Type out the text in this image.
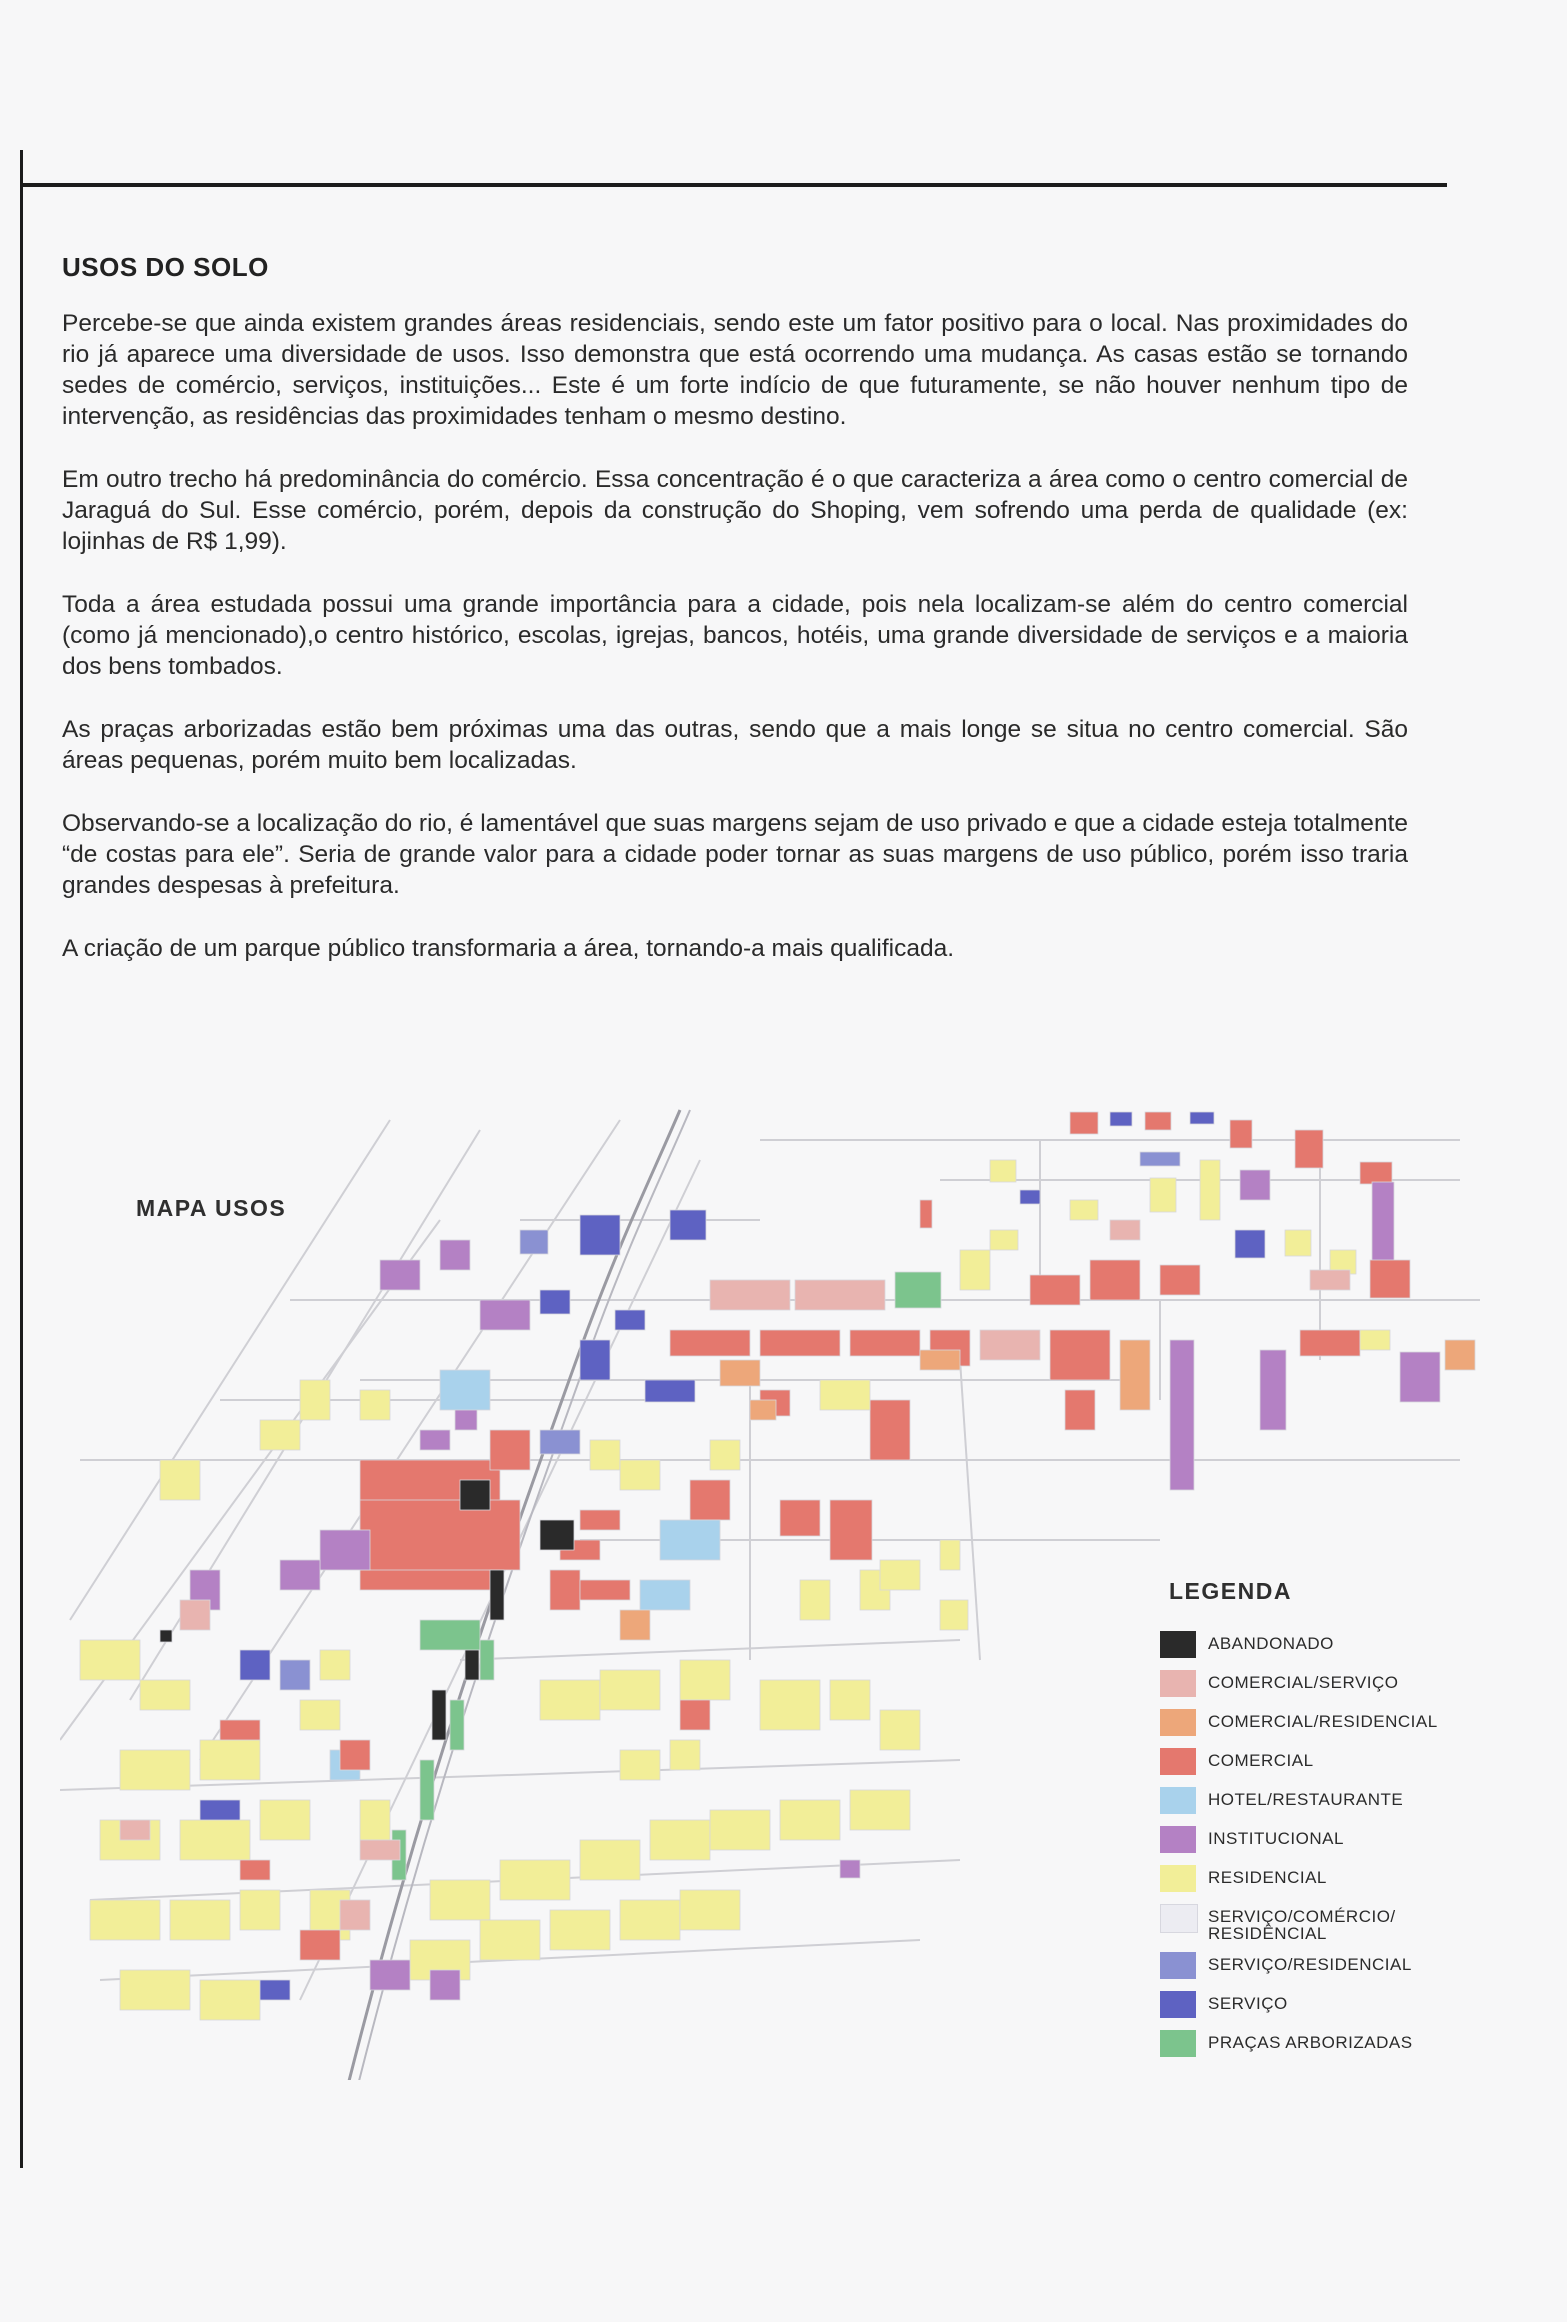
USOS DO SOLO

Percebe-se que ainda existem grandes áreas residenciais, sendo este um fator positivo para o local. Nas proximidades do rio já aparece uma diversidade de usos. Isso demonstra que está ocorrendo uma mudança. As casas estão se tornando sedes de comércio, serviços, instituições... Este é um forte indício de que futuramente, se não houver nenhum tipo de intervenção, as residências das proximidades tenham o mesmo destino.

Em outro trecho há predominância do comércio. Essa concentração é o que caracteriza a área como o centro comercial de Jaraguá do Sul. Esse comércio, porém, depois da construção do Shoping, vem sofrendo uma perda de qualidade (ex: lojinhas de R$ 1,99).

Toda a área estudada possui uma grande importância para a cidade, pois nela localizam-se além do centro comercial (como já mencionado),o centro histórico, escolas, igrejas, bancos, hotéis, uma grande diversidade de serviços e a maioria dos bens tombados.

As praças arborizadas estão bem próximas uma das outras, sendo que a mais longe se situa no centro comercial. São áreas pequenas, porém muito bem localizadas.

Observando-se a localização do rio, é lamentável que suas margens sejam de uso privado e que a cidade esteja totalmente “de costas para ele”. Seria de grande valor para a cidade poder tornar as suas margens de uso público, porém isso traria grandes despesas à prefeitura.

A criação de um parque público transformaria a área, tornando-a mais qualificada.

MAPA USOS
LEGENDA
ABANDONADO
COMERCIAL/SERVIÇO
COMERCIAL/RESIDENCIAL
COMERCIAL
HOTEL/RESTAURANTE
INSTITUCIONAL
RESIDENCIAL
SERVIÇO/COMÉRCIO/ RESIDÊNCIAL
SERVIÇO/RESIDENCIAL
SERVIÇO
PRAÇAS ARBORIZADAS
